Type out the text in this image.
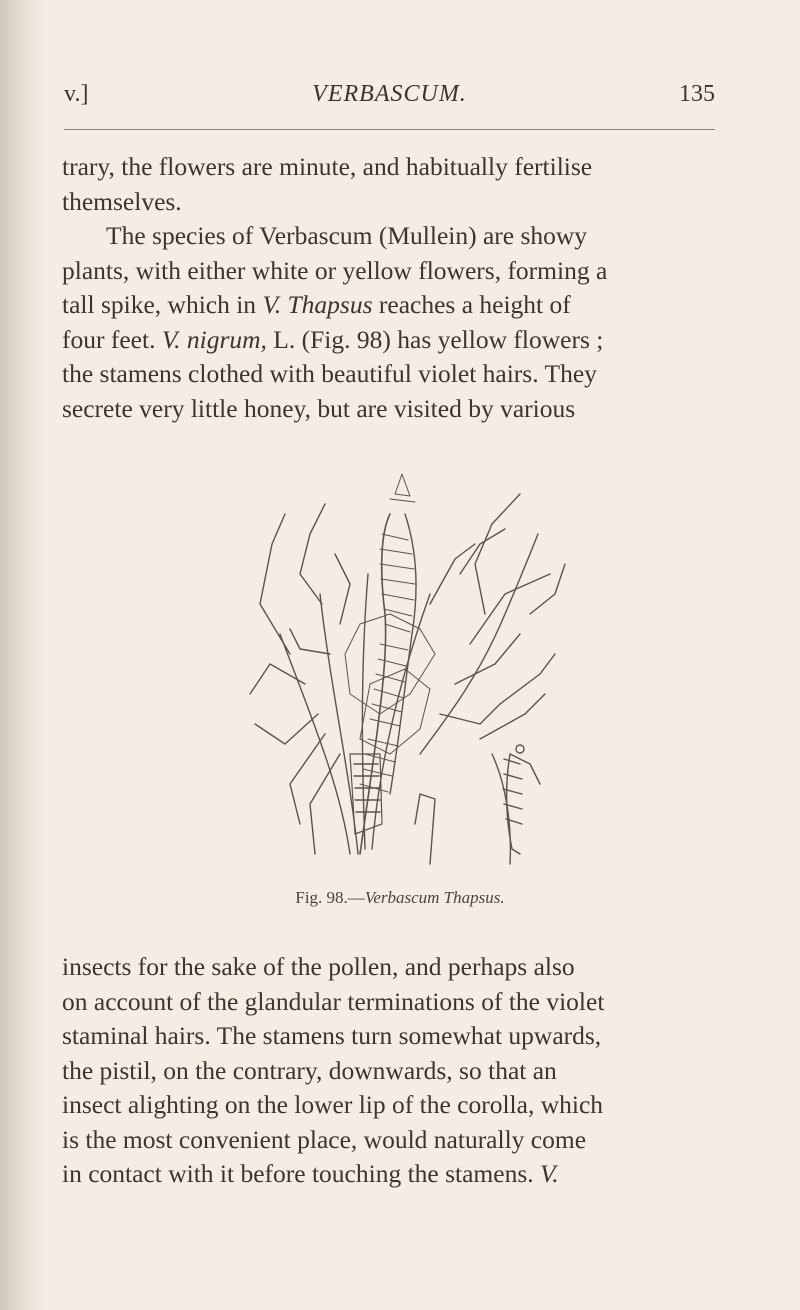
v.]	VERBASCUM.	135

trary, the flowers are minute, and habitually fertilise
themselves.

The species of Verbascum (Mullein) are showy
plants, with either white or yellow flowers, forming a
tall spike, which in V. Thapsus reaches a height of
four feet. V. nigrum, L. (Fig. 98) has yellow flowers ;
the stamens clothed with beautiful violet hairs. They
secrete very little honey, but are visited by various

Fig. 98.—Verbascum Thapsus.

insects for the sake of the pollen, and perhaps also
on account of the glandular terminations of the violet
staminal hairs. The stamens turn somewhat upwards,
the pistil, on the contrary, downwards, so that an
insect alighting on the lower lip of the corolla, which
is the most convenient place, would naturally come
in contact with it before touching the stamens. V.
